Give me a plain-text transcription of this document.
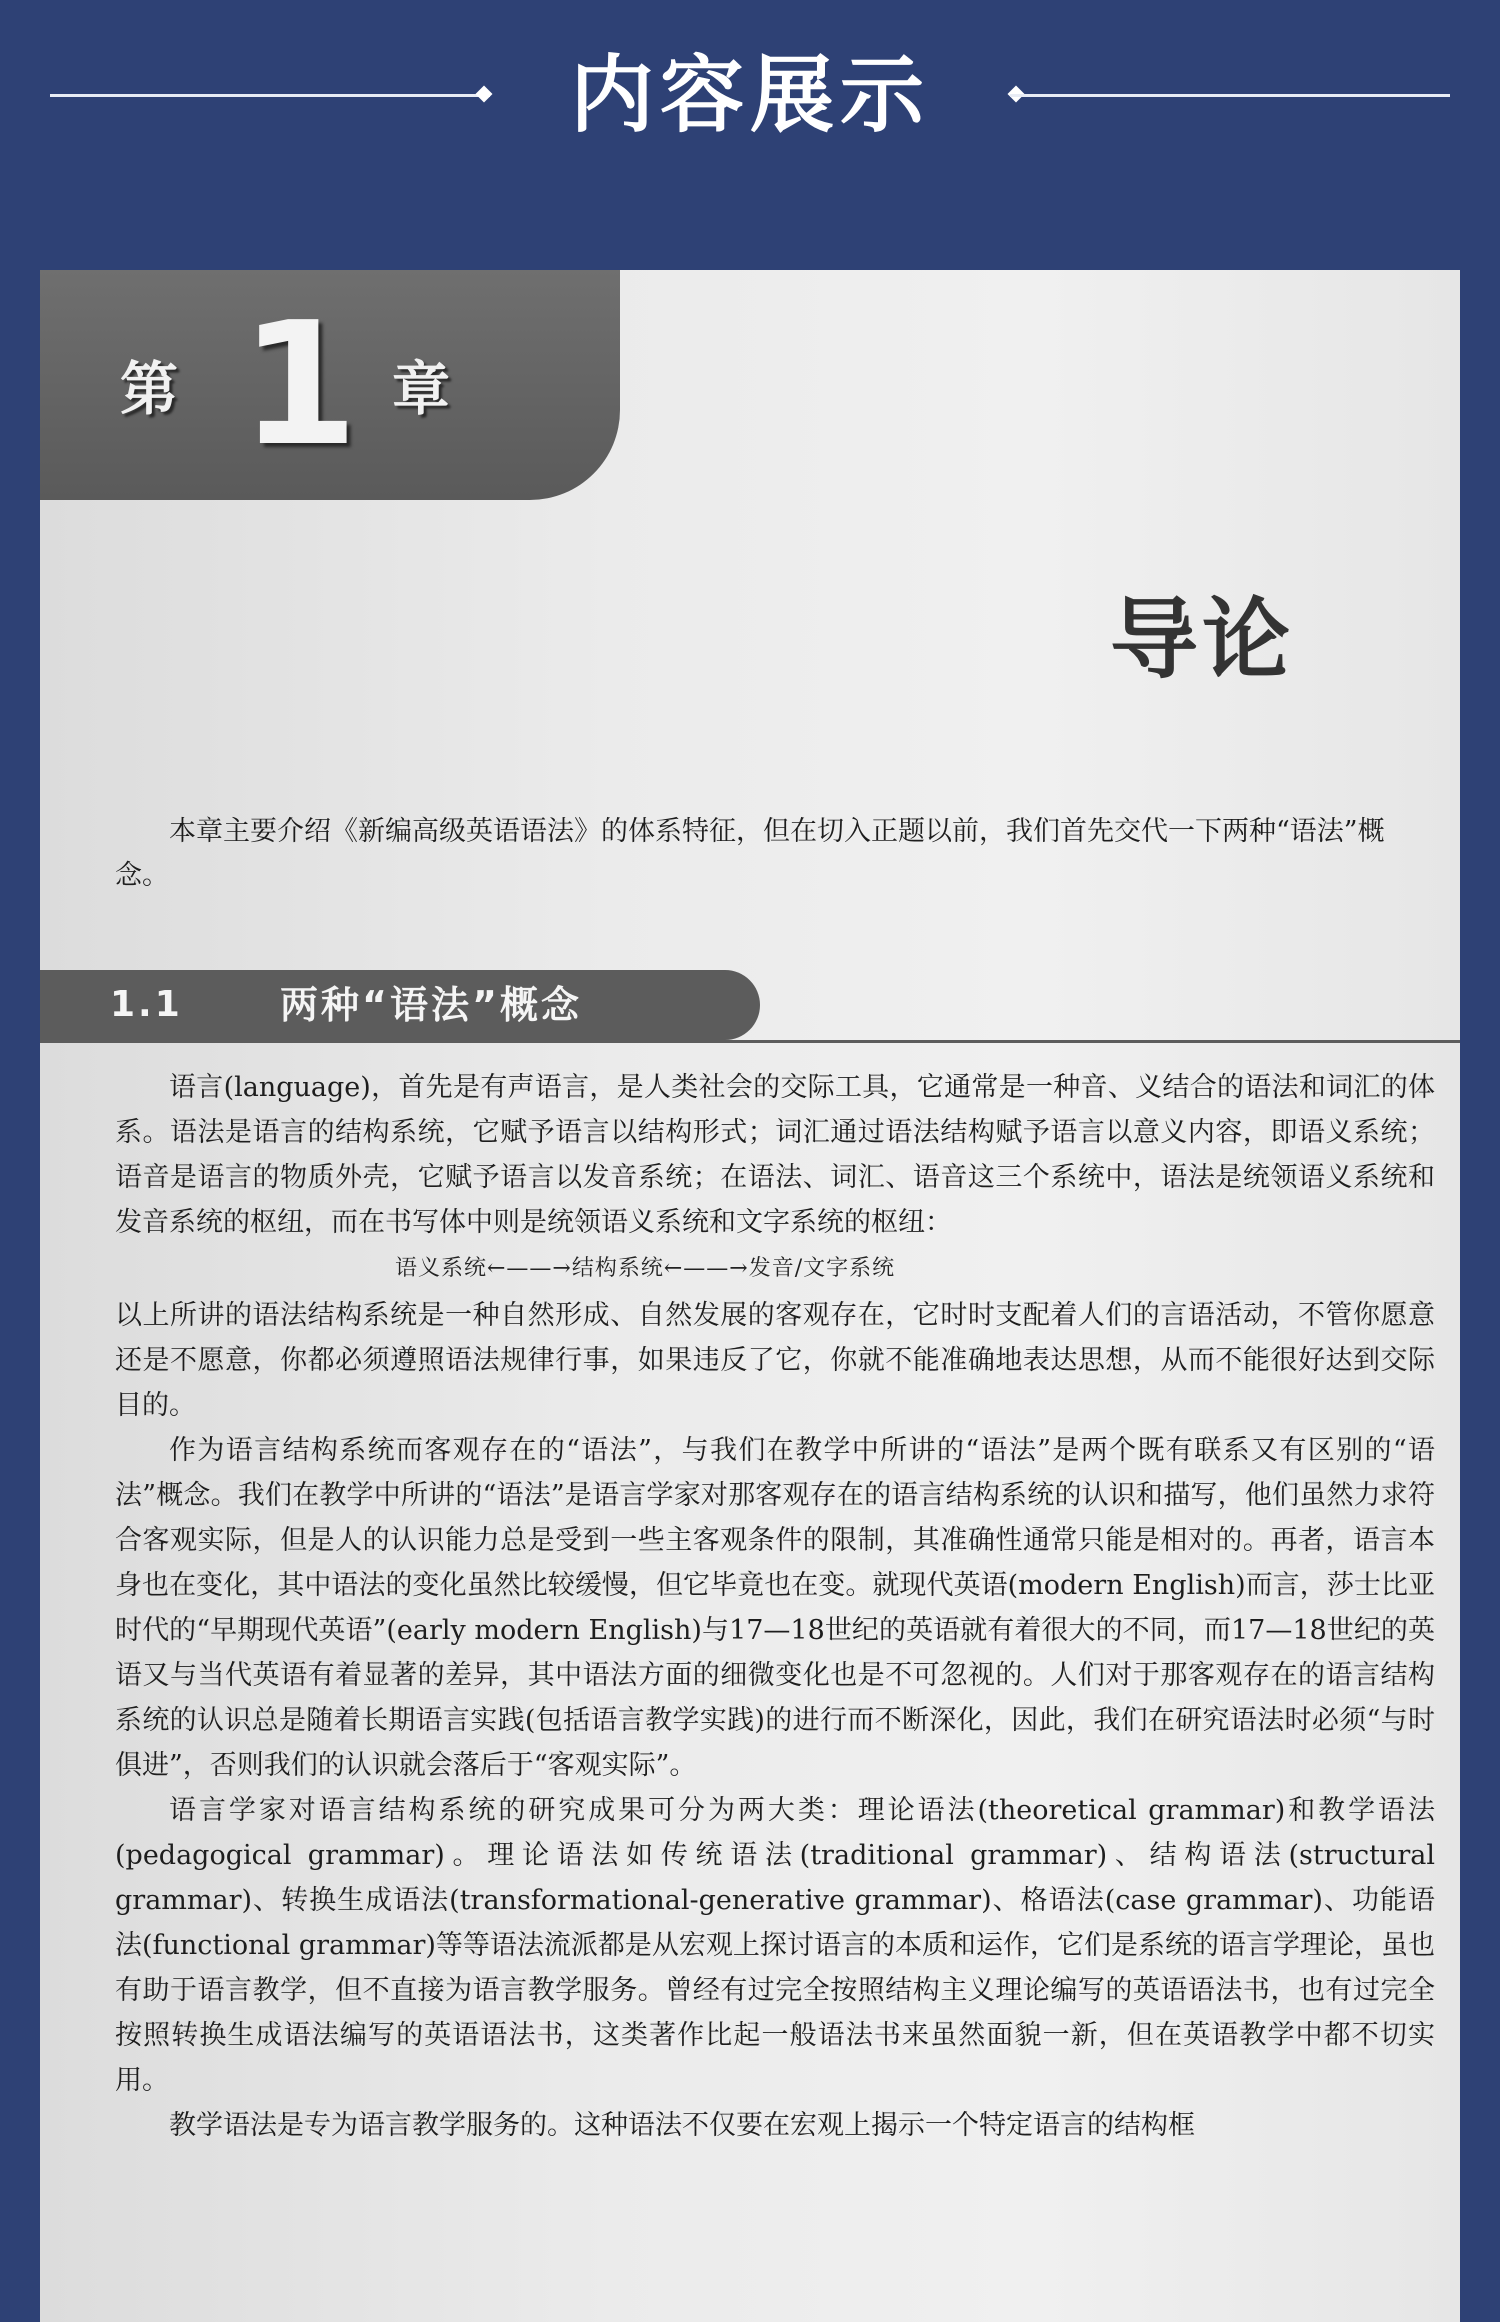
内容展示
第 1 章
导论

本章主要介绍《新编高级英语语法》的体系特征，但在切入正题以前，我们首先交代一下两种“语法”概念。

1.1	两种“语法”概念

语言(language)，首先是有声语言，是人类社会的交际工具，它通常是一种音、义结合的语法和词汇的体系。语法是语言的结构系统，它赋予语言以结构形式；词汇通过语法结构赋予语言以意义内容，即语义系统；语音是语言的物质外壳，它赋予语言以发音系统；在语法、词汇、语音这三个系统中，语法是统领语义系统和发音系统的枢纽，而在书写体中则是统领语义系统和文字系统的枢纽：

语义系统←——→结构系统←——→发音/文字系统

以上所讲的语法结构系统是一种自然形成、自然发展的客观存在，它时时支配着人们的言语活动，不管你愿意还是不愿意，你都必须遵照语法规律行事，如果违反了它，你就不能准确地表达思想，从而不能很好达到交际目的。

作为语言结构系统而客观存在的“语法”，与我们在教学中所讲的“语法”是两个既有联系又有区别的“语法”概念。我们在教学中所讲的“语法”是语言学家对那客观存在的语言结构系统的认识和描写，他们虽然力求符合客观实际，但是人的认识能力总是受到一些主客观条件的限制，其准确性通常只能是相对的。再者，语言本身也在变化，其中语法的变化虽然比较缓慢，但它毕竟也在变。就现代英语(modern English)而言，莎士比亚时代的“早期现代英语”(early modern English)与17—18世纪的英语就有着很大的不同，而17—18世纪的英语又与当代英语有着显著的差异，其中语法方面的细微变化也是不可忽视的。人们对于那客观存在的语言结构系统的认识总是随着长期语言实践(包括语言教学实践)的进行而不断深化，因此，我们在研究语法时必须“与时俱进”，否则我们的认识就会落后于“客观实际”。

语言学家对语言结构系统的研究成果可分为两大类：理论语法(theoretical grammar)和教学语法(pedagogical grammar)。理论语法如传统语法(traditional grammar)、结构语法(structural grammar)、转换生成语法(transformational-generative grammar)、格语法(case grammar)、功能语法(functional grammar)等等语法流派都是从宏观上探讨语言的本质和运作，它们是系统的语言学理论，虽也有助于语言教学，但不直接为语言教学服务。曾经有过完全按照结构主义理论编写的英语语法书，也有过完全按照转换生成语法编写的英语语法书，这类著作比起一般语法书来虽然面貌一新，但在英语教学中都不切实用。

教学语法是专为语言教学服务的。这种语法不仅要在宏观上揭示一个特定语言的结构框
